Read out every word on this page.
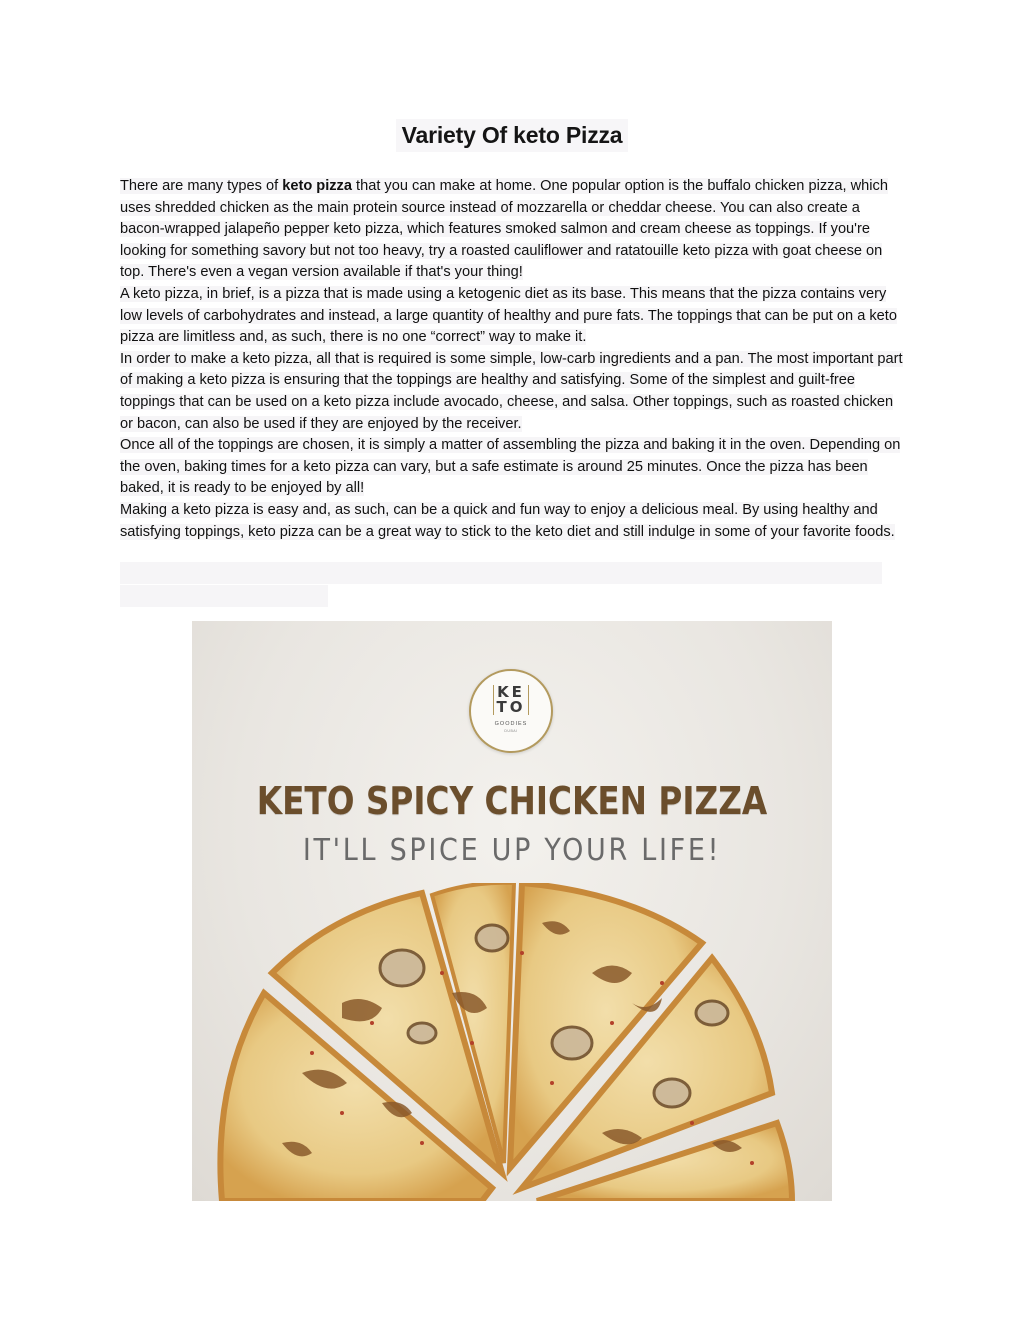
Variety Of keto Pizza

There are many types of keto pizza that you can make at home. One popular option is the buffalo chicken pizza, which uses shredded chicken as the main protein source instead of mozzarella or cheddar cheese. You can also create a bacon-wrapped jalapeño pepper keto pizza, which features smoked salmon and cream cheese as toppings. If you're looking for something savory but not too heavy, try a roasted cauliflower and ratatouille keto pizza with goat cheese on top. There's even a vegan version available if that's your thing!

A keto pizza, in brief, is a pizza that is made using a ketogenic diet as its base. This means that the pizza contains very low levels of carbohydrates and instead, a large quantity of healthy and pure fats. The toppings that can be put on a keto pizza are limitless and, as such, there is no one “correct” way to make it.

In order to make a keto pizza, all that is required is some simple, low-carb ingredients and a pan. The most important part of making a keto pizza is ensuring that the toppings are healthy and satisfying. Some of the simplest and guilt-free toppings that can be used on a keto pizza include avocado, cheese, and salsa. Other toppings, such as roasted chicken or bacon, can also be used if they are enjoyed by the receiver.

Once all of the toppings are chosen, it is simply a matter of assembling the pizza and baking it in the oven. Depending on the oven, baking times for a keto pizza can vary, but a safe estimate is around 25 minutes. Once the pizza has been baked, it is ready to be enjoyed by all!

Making a keto pizza is easy and, as such, can be a quick and fun way to enjoy a delicious meal. By using healthy and satisfying toppings, keto pizza can be a great way to stick to the keto diet and still indulge in some of your favorite foods.

KE
TO
GOODIES
DUBAI
KETO SPICY CHICKEN PIZZA
IT'LL SPICE UP YOUR LIFE!
